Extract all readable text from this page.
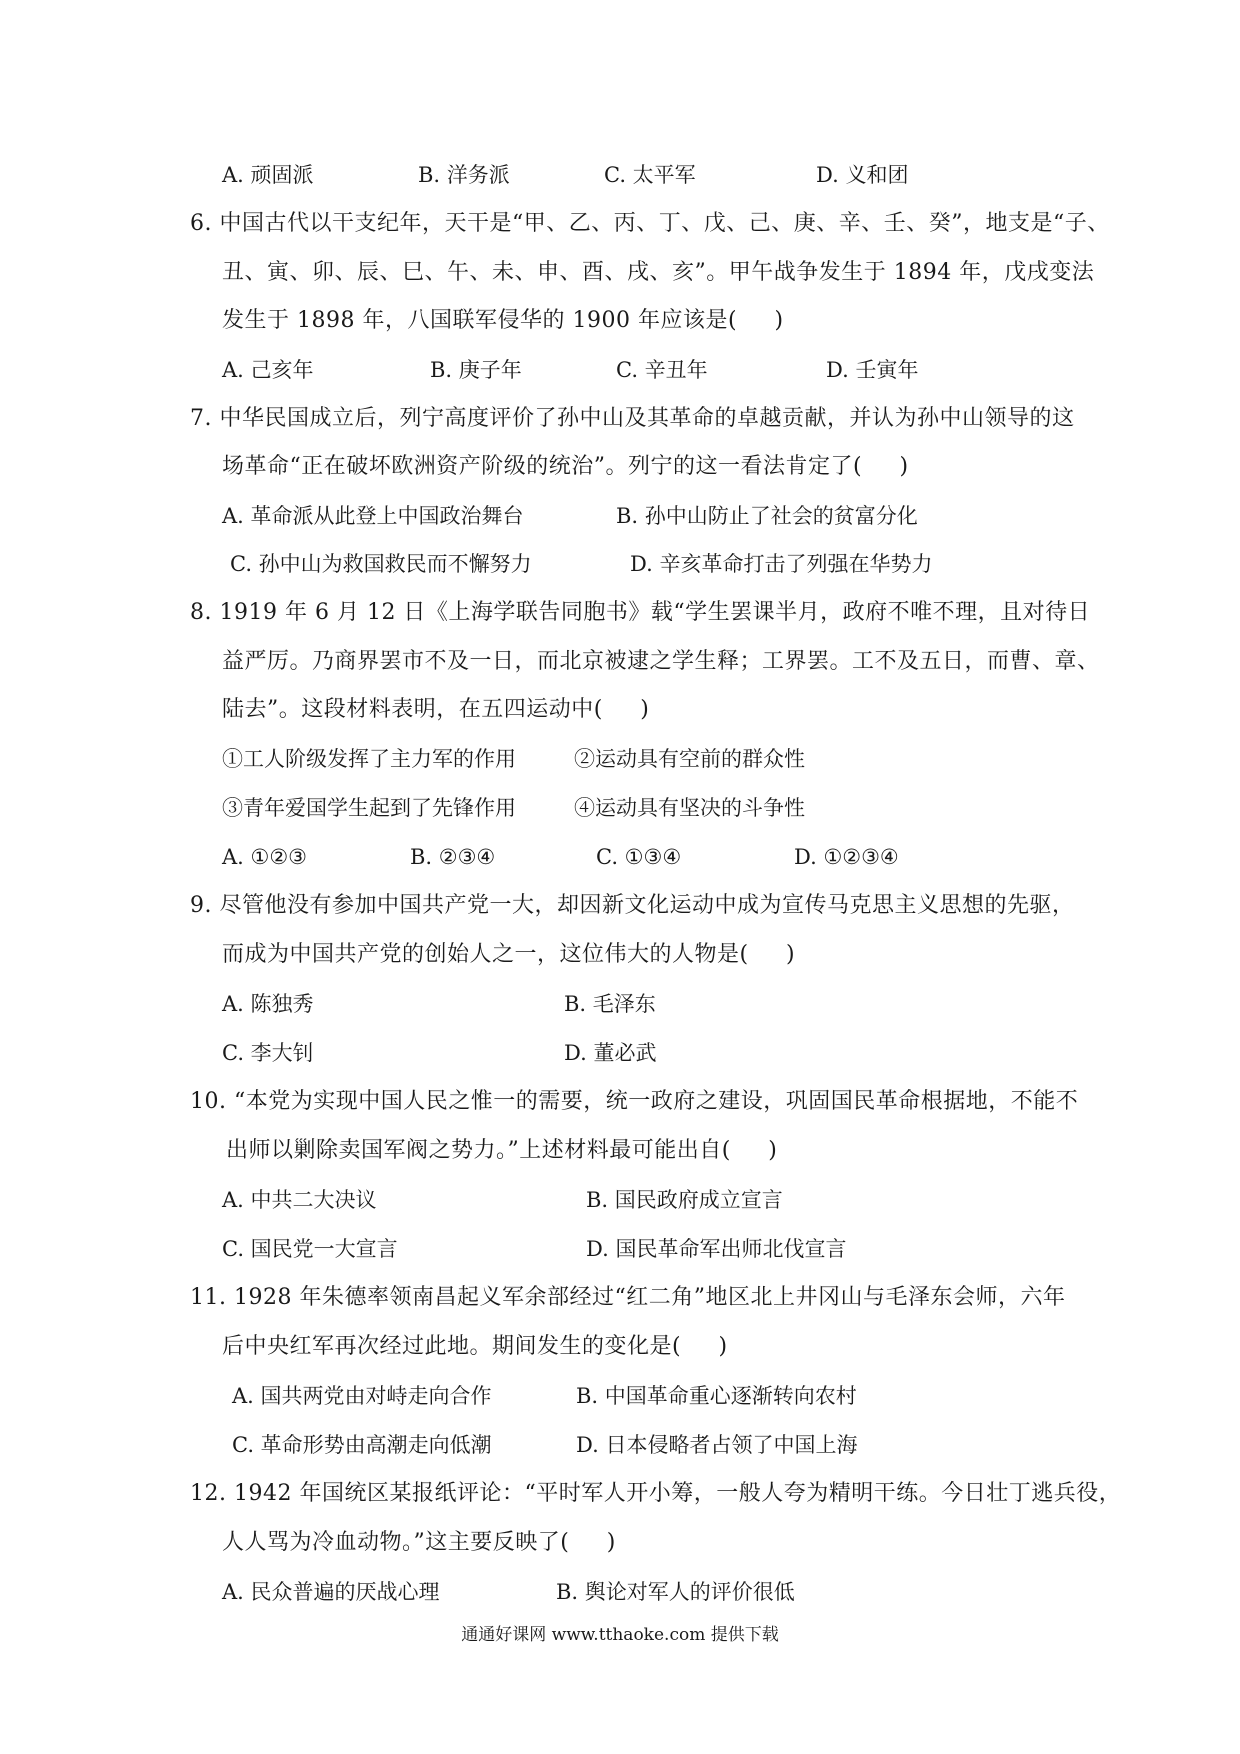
A. 顽固派	B. 洋务派	C. 太平军	D. 义和团
6. 中国古代以干支纪年，天干是“甲、乙、丙、丁、戊、己、庚、辛、壬、癸”，地支是“子、
丑、寅、卯、辰、巳、午、未、申、酉、戌、亥”。甲午战争发生于 1894 年，戊戌变法
发生于 1898 年，八国联军侵华的 1900 年应该是(     )
A. 己亥年	B. 庚子年	C. 辛丑年	D. 壬寅年
7. 中华民国成立后，列宁高度评价了孙中山及其革命的卓越贡献，并认为孙中山领导的这
场革命“正在破坏欧洲资产阶级的统治”。列宁的这一看法肯定了(     )
A. 革命派从此登上中国政治舞台	B. 孙中山防止了社会的贫富分化
C. 孙中山为救国救民而不懈努力	D. 辛亥革命打击了列强在华势力
8. 1919 年 6 月 12 日《上海学联告同胞书》载“学生罢课半月，政府不唯不理，且对待日
益严厉。乃商界罢市不及一日，而北京被逮之学生释；工界罢。工不及五日，而曹、章、
陆去”。这段材料表明，在五四运动中(     )
①工人阶级发挥了主力军的作用	②运动具有空前的群众性
③青年爱国学生起到了先锋作用	④运动具有坚决的斗争性
A. ①②③	B. ②③④	C. ①③④	D. ①②③④
9. 尽管他没有参加中国共产党一大，却因新文化运动中成为宣传马克思主义思想的先驱，
而成为中国共产党的创始人之一，这位伟大的人物是(     )
A. 陈独秀	B. 毛泽东
C. 李大钊	D. 董必武
10. “本党为实现中国人民之惟一的需要，统一政府之建设，巩固国民革命根据地，不能不
出师以剿除卖国军阀之势力。”上述材料最可能出自(     )
A. 中共二大决议	B. 国民政府成立宣言
C. 国民党一大宣言	D. 国民革命军出师北伐宣言
11. 1928 年朱德率领南昌起义军余部经过“红二角”地区北上井冈山与毛泽东会师，六年
后中央红军再次经过此地。期间发生的变化是(     )
A. 国共两党由对峙走向合作	B. 中国革命重心逐渐转向农村
C. 革命形势由高潮走向低潮	D. 日本侵略者占领了中国上海
12. 1942 年国统区某报纸评论：“平时军人开小筹，一般人夸为精明干练。今日壮丁逃兵役，
人人骂为冷血动物。”这主要反映了(     )
A. 民众普遍的厌战心理	B. 舆论对军人的评价很低
通通好课网 www.tthaoke.com 提供下载
